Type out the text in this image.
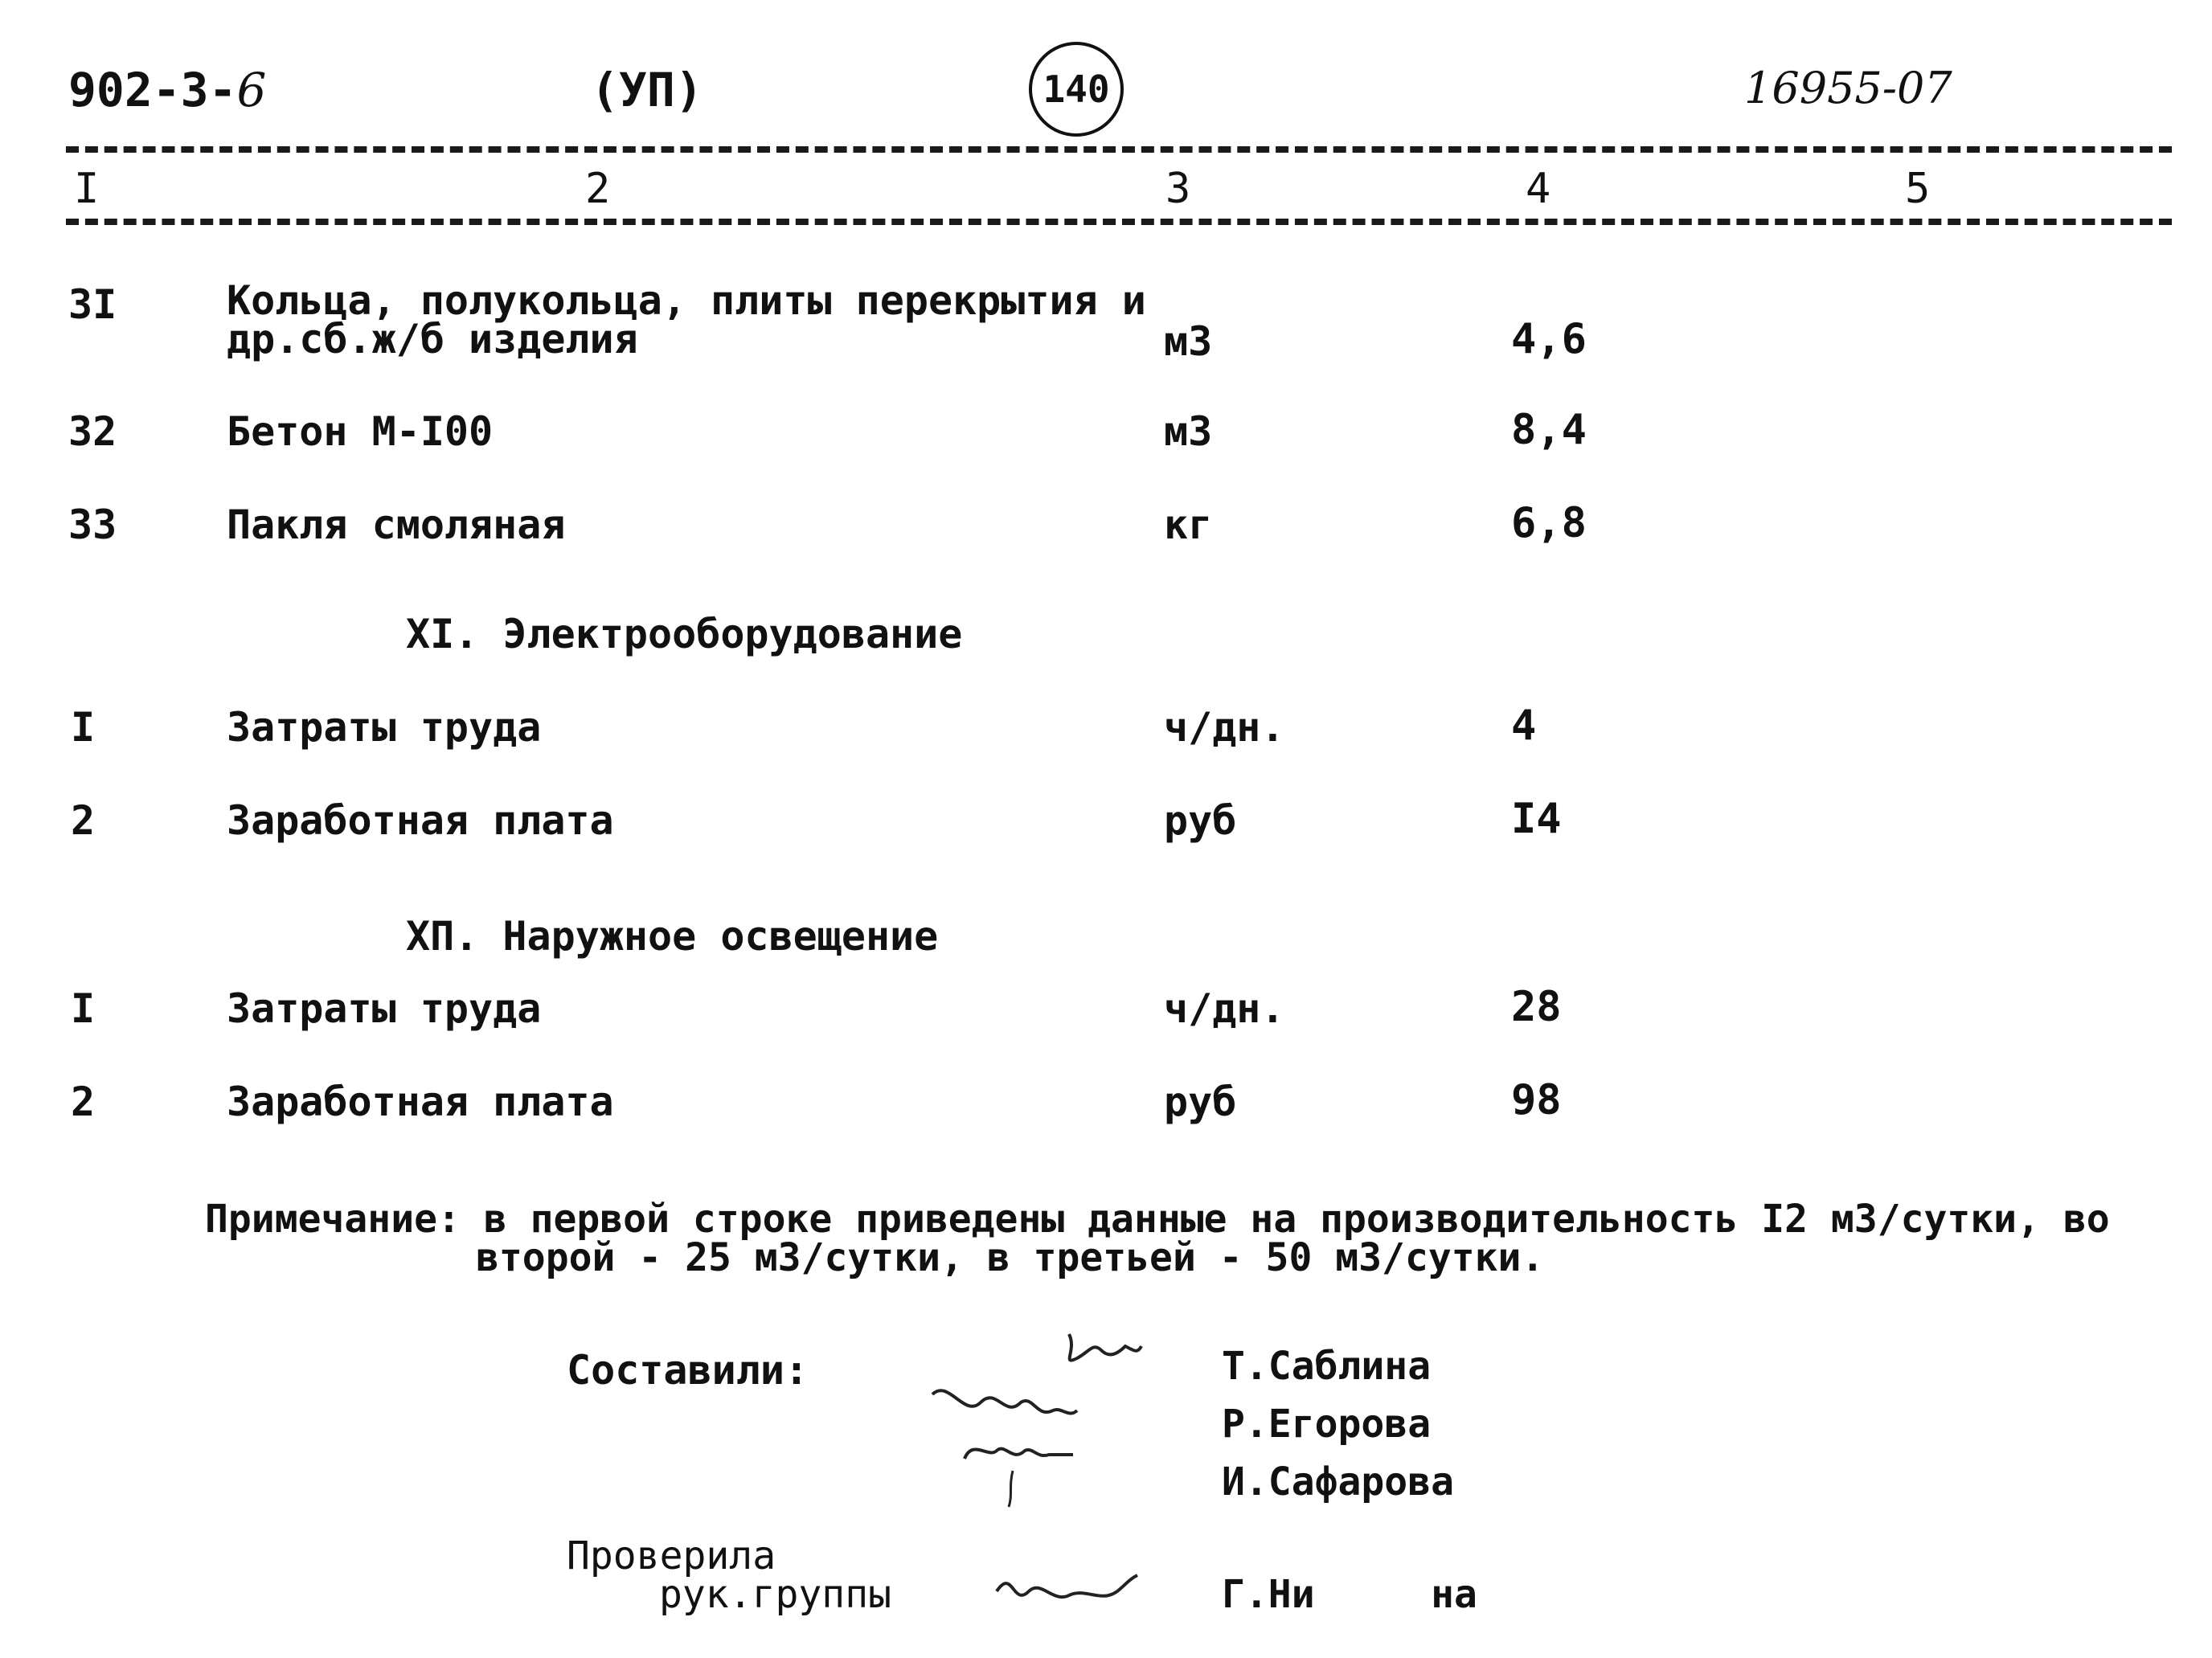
902-3-6	(УП)	140	16955-07
I	2	3	4	5
3I	Кольца, полукольца, плиты перекрытия и
др.сб.ж/б изделия	м3	4,6
32	Бетон М-I00	м3	8,4
33	Пакля смоляная	кг	6,8
XI. Электрооборудование
I	Затраты труда	ч/дн.	4
2	Заработная плата	руб	I4
XП. Наружное освещение
I	Затраты труда	ч/дн.	28
2	Заработная плата	руб	98
Примечание: в первой строке приведены данные на производительность I2 м3/сутки, во
второй - 25 м3/сутки, в третьей - 50 м3/сутки.
Составили:	Т.Саблина
Р.Егорова
И.Сафарова
Проверила
рук.группы	Г.Ни     на
